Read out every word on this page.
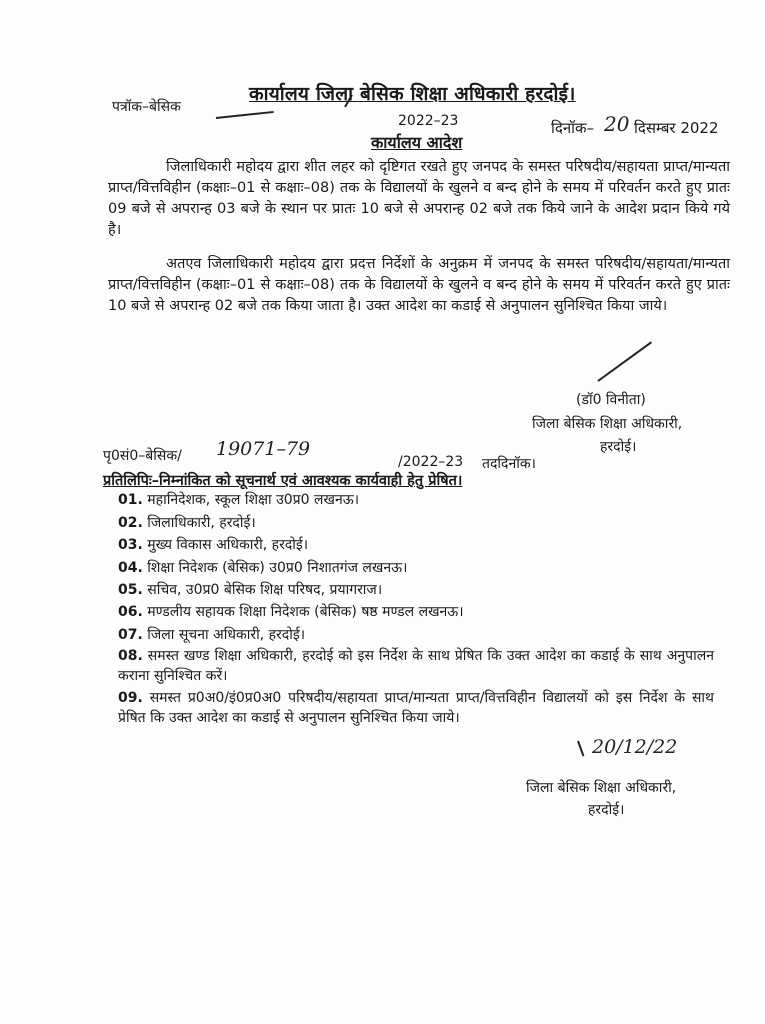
पत्रॉक–बेसिक
कार्यालय जिला बेसिक शिक्षा अधिकारी हरदोई।
2022–23	दिनॉक– 20 दिसम्बर 2022
कार्यालय आदेश
जिलाधिकारी महोदय द्वारा शीत लहर को दृष्टिगत रखते हुए जनपद के समस्त परिषदीय/सहायता प्राप्त/मान्यता प्राप्त/वित्तविहीन (कक्षाः–01 से कक्षाः–08) तक के विद्यालयों के खुलने व बन्द होने के समय में परिवर्तन करते हुए प्रातः 09 बजे से अपरान्ह 03 बजे के स्थान पर प्रातः 10 बजे से अपरान्ह 02 बजे तक किये जाने के आदेश प्रदान किये गये है।
अतएव जिलाधिकारी महोदय द्वारा प्रदत्त निर्देशों के अनुक्रम में जनपद के समस्त परिषदीय/सहायता/मान्यता प्राप्त/वित्तविहीन (कक्षाः–01 से कक्षाः–08) तक के विद्यालयों के खुलने व बन्द होने के समय में परिवर्तन करते हुए प्रातः 10 बजे से अपरान्ह 02 बजे तक किया जाता है। उक्त आदेश का कडाई से अनुपालन सुनिश्चित किया जाये।
(डॉ0 विनीता)
जिला बेसिक शिक्षा अधिकारी,
हरदोई।
पृ0सं0–बेसिक/ 19071–79
/2022–23 तददिनॉक।
प्रतिलिपिः–निम्नांकित को सूचनार्थ एवं आवश्यक कार्यवाही हेतु प्रेषित।
01. महानिदेशक, स्कूल शिक्षा उ0प्र0 लखनऊ।
02. जिलाधिकारी, हरदोई।
03. मुख्य विकास अधिकारी, हरदोई।
04. शिक्षा निदेशक (बेसिक) उ0प्र0 निशातगंज लखनऊ।
05. सचिव, उ0प्र0 बेसिक शिक्ष परिषद, प्रयागराज।
06. मण्डलीय सहायक शिक्षा निदेशक (बेसिक) षष्ठ मण्डल लखनऊ।
07. जिला सूचना अधिकारी, हरदोई।
08. समस्त खण्ड शिक्षा अधिकारी, हरदोई को इस निर्देश के साथ प्रेषित कि उक्त आदेश का कडाई के साथ अनुपालन कराना सुनिश्चित करें।
09. समस्त प्र0अ0/इं0प्र0अ0 परिषदीय/सहायता प्राप्त/मान्यता प्राप्त/वित्तविहीन विद्यालयों को इस निर्देश के साथ प्रेषित कि उक्त आदेश का कडाई से अनुपालन सुनिश्चित किया जाये।
20/12/22
जिला बेसिक शिक्षा अधिकारी,
हरदोई।
